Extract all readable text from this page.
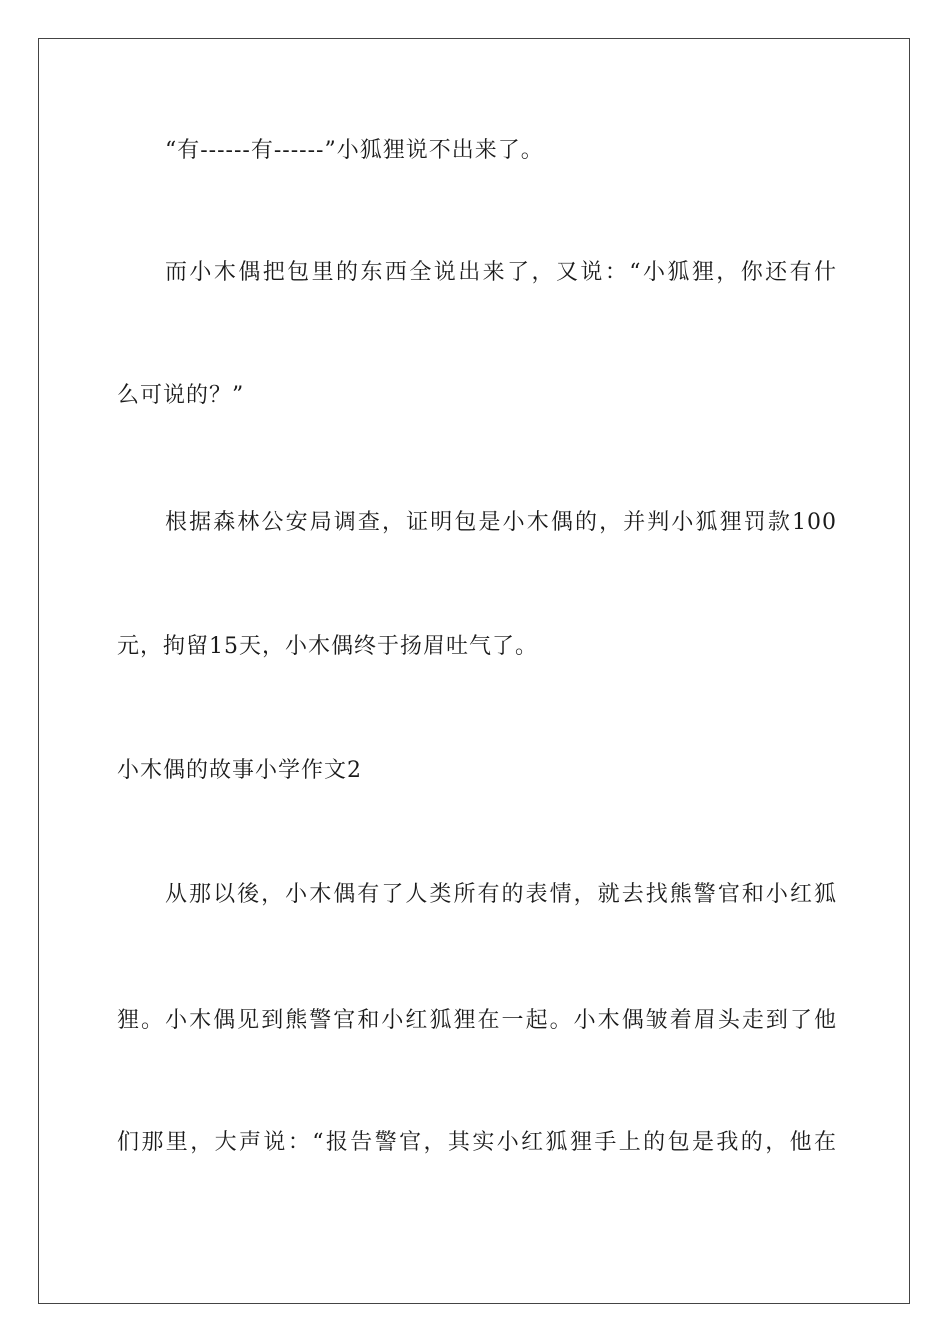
“有------有------”小狐狸说不出来了。
而小木偶把包里的东西全说出来了，又说：“小狐狸，你还有什
么可说的？”
根据森林公安局调查，证明包是小木偶的，并判小狐狸罚款100
元，拘留15天，小木偶终于扬眉吐气了。
小木偶的故事小学作文2
从那以後，小木偶有了人类所有的表情，就去找熊警官和小红狐
狸。小木偶见到熊警官和小红狐狸在一起。小木偶皱着眉头走到了他
们那里，大声说：“报告警官，其实小红狐狸手上的包是我的，他在
